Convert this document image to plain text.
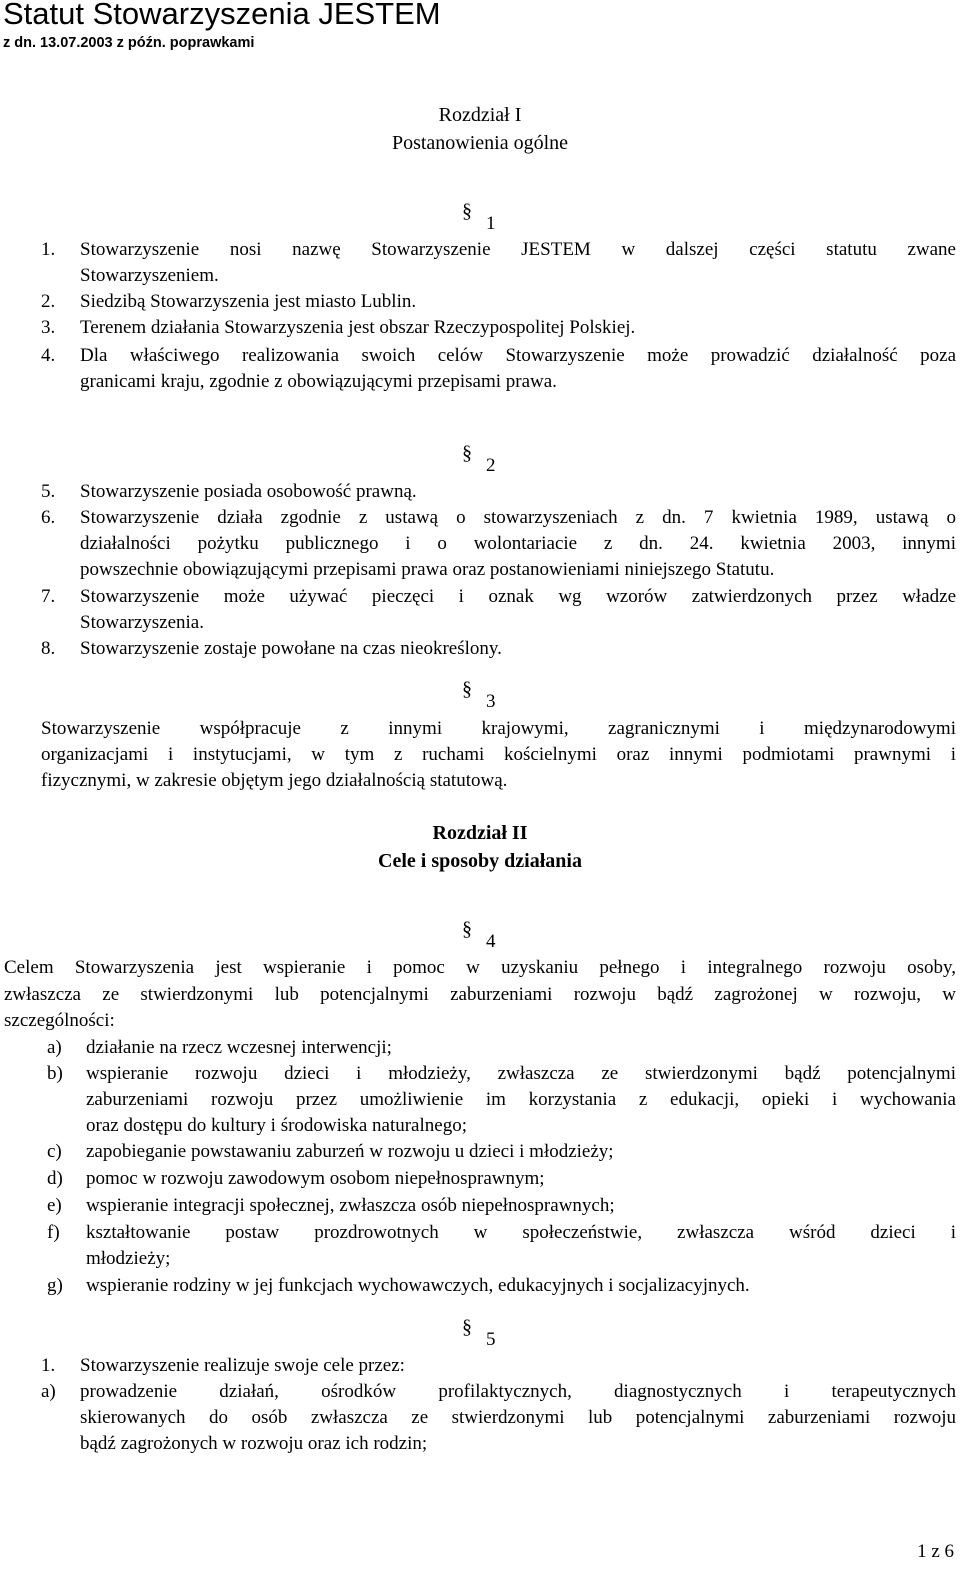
Statut Stowarzyszenia JESTEM
z dn. 13.07.2003 z późn. poprawkami
Rozdział I
Postanowienia ogólne
§1
1. Stowarzyszenie nosi nazwę Stowarzyszenie JESTEM w dalszej części statutu zwane
Stowarzyszeniem.
2. Siedzibą Stowarzyszenia jest miasto Lublin.
3. Terenem działania Stowarzyszenia jest obszar Rzeczypospolitej Polskiej.
4. Dla właściwego realizowania swoich celów Stowarzyszenie może prowadzić działalność poza
granicami kraju, zgodnie z obowiązującymi przepisami prawa.
§2
5. Stowarzyszenie posiada osobowość prawną.
6. Stowarzyszenie działa zgodnie z ustawą o stowarzyszeniach z dn. 7 kwietnia 1989, ustawą o
działalności pożytku publicznego i o wolontariacie z dn. 24. kwietnia 2003, innymi
powszechnie obowiązującymi przepisami prawa oraz postanowieniami niniejszego Statutu.
7. Stowarzyszenie może używać pieczęci i oznak wg wzorów zatwierdzonych przez władze
Stowarzyszenia.
8. Stowarzyszenie zostaje powołane na czas nieokreślony.
§3
Stowarzyszenie współpracuje z innymi krajowymi, zagranicznymi i międzynarodowymi
organizacjami i instytucjami, w tym z ruchami kościelnymi oraz innymi podmiotami prawnymi i
fizycznymi, w zakresie objętym jego działalnością statutową.
Rozdział II
Cele i sposoby działania
§4
Celem Stowarzyszenia jest wspieranie i pomoc w uzyskaniu pełnego i integralnego rozwoju osoby,
zwłaszcza ze stwierdzonymi lub potencjalnymi zaburzeniami rozwoju bądź zagrożonej w rozwoju, w
szczególności:
a) działanie na rzecz wczesnej interwencji;
b) wspieranie rozwoju dzieci i młodzieży, zwłaszcza ze stwierdzonymi bądź potencjalnymi
zaburzeniami rozwoju przez umożliwienie im korzystania z edukacji, opieki i wychowania
oraz dostępu do kultury i środowiska naturalnego;
c) zapobieganie powstawaniu zaburzeń w rozwoju u dzieci i młodzieży;
d) pomoc w rozwoju zawodowym osobom niepełnosprawnym;
e) wspieranie integracji społecznej, zwłaszcza osób niepełnosprawnych;
f) kształtowanie postaw prozdrowotnych w społeczeństwie, zwłaszcza wśród dzieci i
młodzieży;
g) wspieranie rodziny w jej funkcjach wychowawczych, edukacyjnych i socjalizacyjnych.
§5
1. Stowarzyszenie realizuje swoje cele przez:
a) prowadzenie działań, ośrodków profilaktycznych, diagnostycznych i terapeutycznych
skierowanych do osób zwłaszcza ze stwierdzonymi lub potencjalnymi zaburzeniami rozwoju
bądź zagrożonych w rozwoju oraz ich rodzin;
1 z 6
